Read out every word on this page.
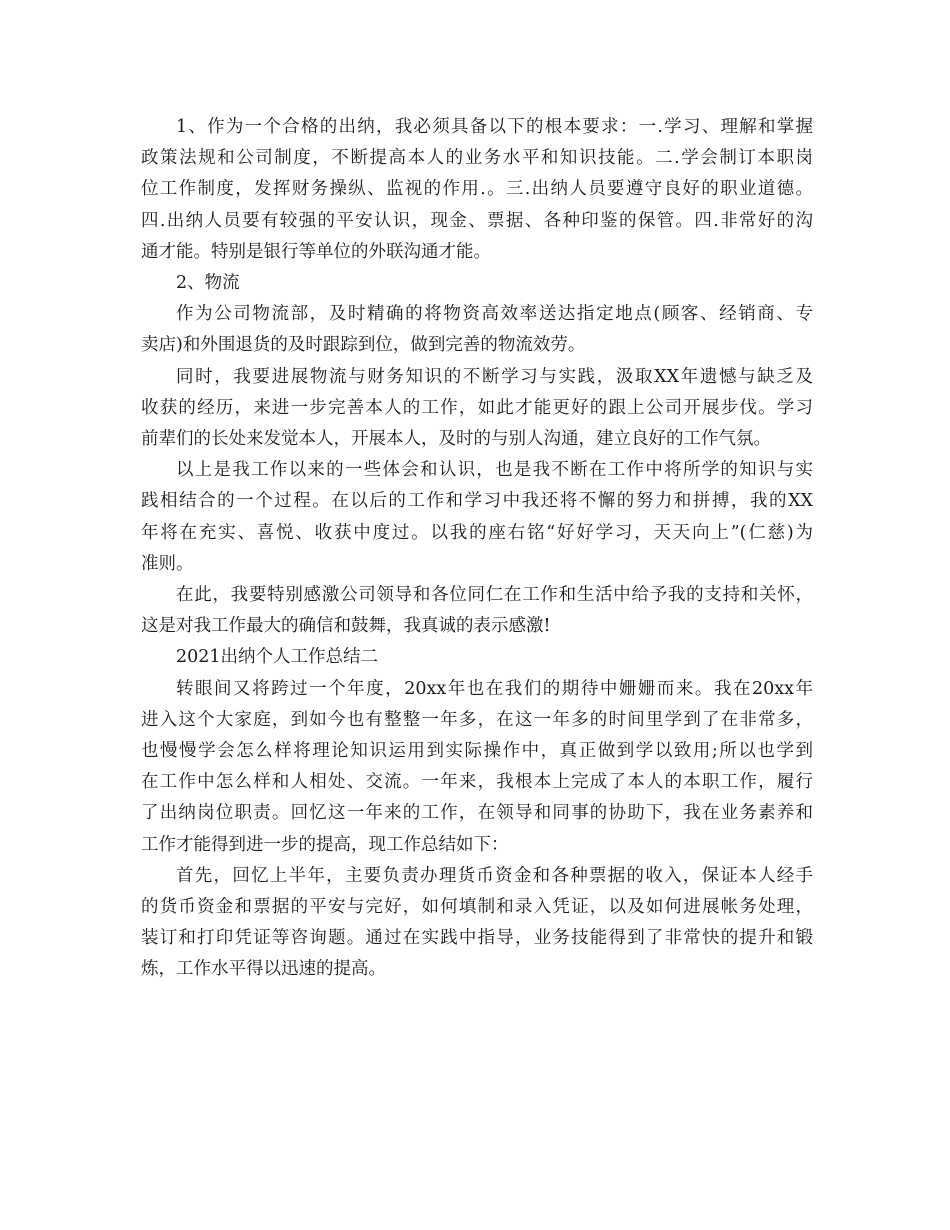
1、作为一个合格的出纳，我必须具备以下的根本要求：一.学习、理解和掌握
政策法规和公司制度，不断提高本人的业务水平和知识技能。二.学会制订本职岗
位工作制度，发挥财务操纵、监视的作用.。三.出纳人员要遵守良好的职业道德。
四.出纳人员要有较强的平安认识，现金、票据、各种印鉴的保管。四.非常好的沟
通才能。特别是银行等单位的外联沟通才能。
2、物流
作为公司物流部，及时精确的将物资高效率送达指定地点(顾客、经销商、专
卖店)和外围退货的及时跟踪到位，做到完善的物流效劳。
同时，我要进展物流与财务知识的不断学习与实践，汲取XX年遗憾与缺乏及
收获的经历，来进一步完善本人的工作，如此才能更好的跟上公司开展步伐。学习
前辈们的长处来发觉本人，开展本人，及时的与别人沟通，建立良好的工作气氛。
以上是我工作以来的一些体会和认识，也是我不断在工作中将所学的知识与实
践相结合的一个过程。在以后的工作和学习中我还将不懈的努力和拼搏，我的XX
年将在充实、喜悦、收获中度过。以我的座右铭“好好学习，天天向上”(仁慈)为
准则。
在此，我要特别感激公司领导和各位同仁在工作和生活中给予我的支持和关怀，
这是对我工作最大的确信和鼓舞，我真诚的表示感激!
2021出纳个人工作总结二
转眼间又将跨过一个年度，20xx年也在我们的期待中姗姗而来。我在20xx年
进入这个大家庭，到如今也有整整一年多，在这一年多的时间里学到了在非常多，
也慢慢学会怎么样将理论知识运用到实际操作中，真正做到学以致用;所以也学到
在工作中怎么样和人相处、交流。一年来，我根本上完成了本人的本职工作，履行
了出纳岗位职责。回忆这一年来的工作，在领导和同事的协助下，我在业务素养和
工作才能得到进一步的提高，现工作总结如下：
首先，回忆上半年，主要负责办理货币资金和各种票据的收入，保证本人经手
的货币资金和票据的平安与完好，如何填制和录入凭证，以及如何进展帐务处理，
装订和打印凭证等咨询题。通过在实践中指导，业务技能得到了非常快的提升和锻
炼，工作水平得以迅速的提高。
